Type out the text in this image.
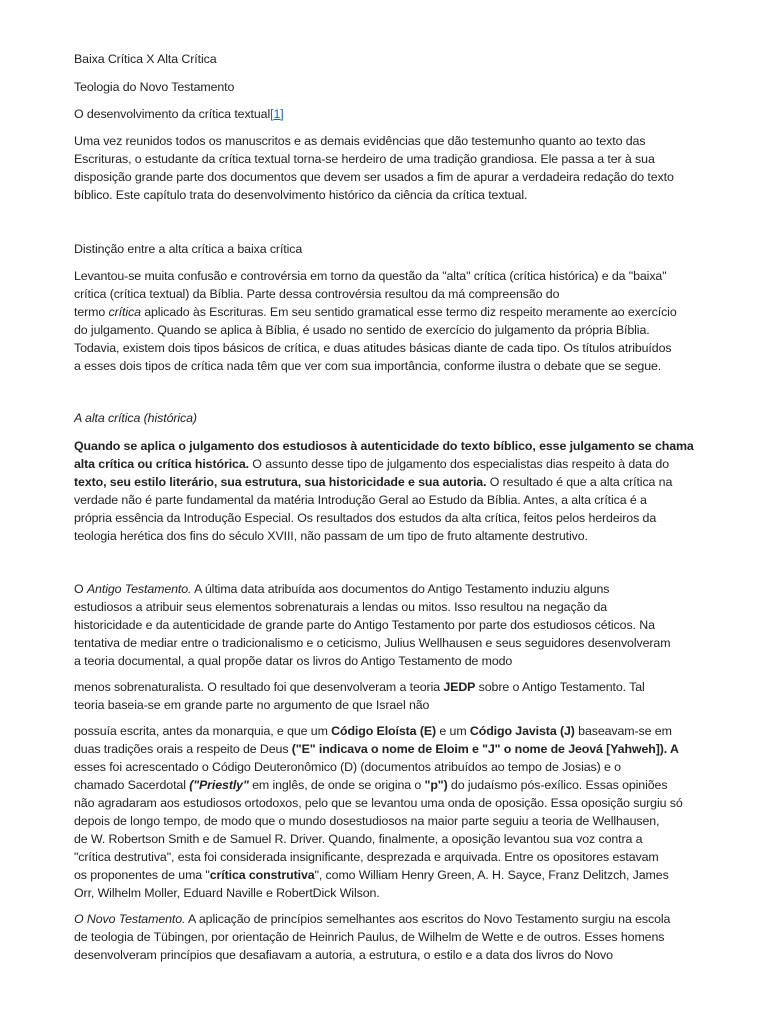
Baixa Crítica X Alta Crítica

Teologia do Novo Testamento

O desenvolvimento da crítica textual[1]

Uma vez reunidos todos os manuscritos e as demais evidências que dão testemunho quanto ao texto das
Escrituras, o estudante da crítica textual torna-se herdeiro de uma tradição grandiosa. Ele passa a ter à sua
disposição grande parte dos documentos que devem ser usados a fim de apurar a verdadeira redação do texto
bíblico. Este capítulo trata do desenvolvimento histórico da ciência da crítica textual.

Distinção entre a alta crítica a baixa crítica

Levantou-se muita confusão e controvérsia em torno da questão da "alta" crítica (crítica histórica) e da "baixa"
crítica (crítica textual) da Bíblia. Parte dessa controvérsia resultou da má compreensão do
termo crítica aplicado às Escrituras. Em seu sentido gramatical esse termo diz respeito meramente ao exercício
do julgamento. Quando se aplica à Bíblia, é usado no sentido de exercício do julgamento da própria Bíblia.
Todavia, existem dois tipos básicos de crítica, e duas atitudes básicas diante de cada tipo. Os títulos atribuídos
a esses dois tipos de crítica nada têm que ver com sua importância, conforme ilustra o debate que se segue.

A alta crítica (histórica)

Quando se aplica o julgamento dos estudiosos à autenticidade do texto bíblico, esse julgamento se chama
alta crítica ou crítica histórica. O assunto desse tipo de julgamento dos especialistas dias respeito à data do
texto, seu estilo literário, sua estrutura, sua historicidade e sua autoria. O resultado é que a alta crítica na
verdade não é parte fundamental da matéria Introdução Geral ao Estudo da Bíblia. Antes, a alta crítica é a
própria essência da Introdução Especial. Os resultados dos estudos da alta crítica, feitos pelos herdeiros da
teologia herética dos fins do século XVIII, não passam de um tipo de fruto altamente destrutivo.

O Antigo Testamento. A última data atribuída aos documentos do Antigo Testamento induziu alguns
estudiosos a atribuir seus elementos sobrenaturais a lendas ou mitos. Isso resultou na negação da
historicidade e da autenticidade de grande parte do Antigo Testamento por parte dos estudiosos céticos. Na
tentativa de mediar entre o tradicionalismo e o ceticismo, Julius Wellhausen e seus seguidores desenvolveram
a teoria documental, a qual propõe datar os livros do Antigo Testamento de modo

menos sobrenaturalista. O resultado foi que desenvolveram a teoria JEDP sobre o Antigo Testamento. Tal
teoria baseia-se em grande parte no argumento de que Israel não

possuía escrita, antes da monarquia, e que um Código Eloísta (E) e um Código Javista (J) baseavam-se em
duas tradições orais a respeito de Deus ("E" indicava o nome de Eloim e "J" o nome de Jeová [Yahweh]). A
esses foi acrescentado o Código Deuteronômico (D) (documentos atribuídos ao tempo de Josias) e o
chamado Sacerdotal ("Priestly" em inglês, de onde se origina o "p") do judaísmo pós-exílico. Essas opiniões
não agradaram aos estudiosos ortodoxos, pelo que se levantou uma onda de oposição. Essa oposição surgiu só
depois de longo tempo, de modo que o mundo dosestudiosos na maior parte seguiu a teoria de Wellhausen,
de W. Robertson Smith e de Samuel R. Driver. Quando, finalmente, a oposição levantou sua voz contra a
"crítica destrutiva", esta foi considerada insignificante, desprezada e arquivada. Entre os opositores estavam
os proponentes de uma "crítica construtiva", como William Henry Green, A. H. Sayce, Franz Delitzch, James
Orr, Wilhelm Moller, Eduard Naville e RobertDick Wilson.

O Novo Testamento. A aplicação de princípios semelhantes aos escritos do Novo Testamento surgiu na escola
de teologia de Tübingen, por orientação de Heinrich Paulus, de Wilhelm de Wette e de outros. Esses homens
desenvolveram princípios que desafiavam a autoria, a estrutura, o estilo e a data dos livros do Novo
